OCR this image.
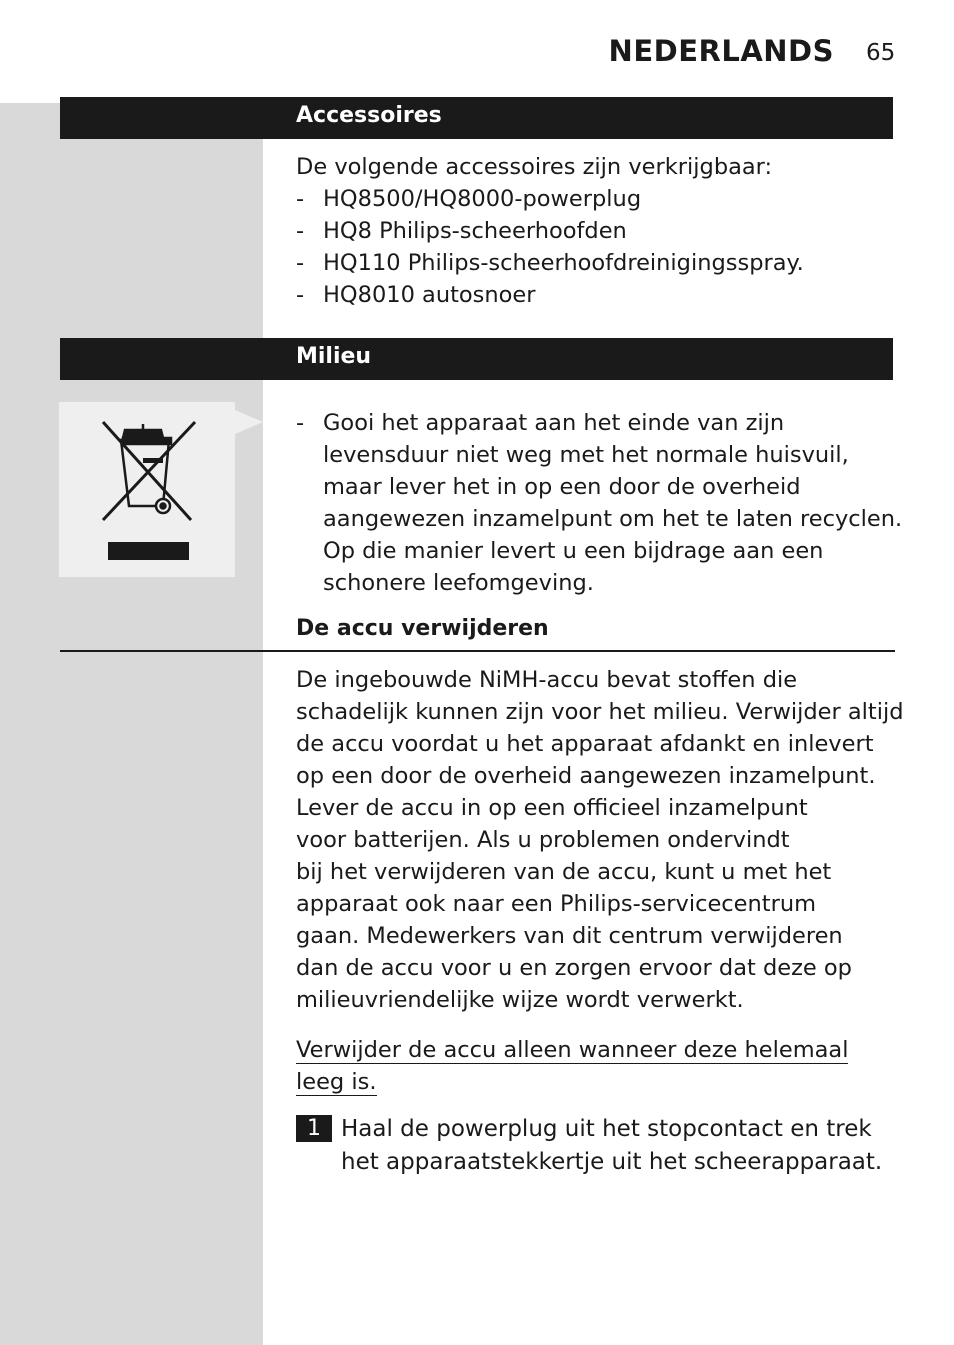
NEDERLANDS 65
Accessoires
De volgende accessoires zijn verkrijgbaar:
- HQ8500/HQ8000-powerplug
- HQ8 Philips-scheerhoofden
- HQ110 Philips-scheerhoofdreinigingsspray.
- HQ8010 autosnoer
Milieu
- Gooi het apparaat aan het einde van zijn
levensduur niet weg met het normale huisvuil,
maar lever het in op een door de overheid
aangewezen inzamelpunt om het te laten recyclen.
Op die manier levert u een bijdrage aan een
schonere leefomgeving.
De accu verwijderen
De ingebouwde NiMH-accu bevat stoffen die
schadelijk kunnen zijn voor het milieu. Verwijder altijd
de accu voordat u het apparaat afdankt en inlevert
op een door de overheid aangewezen inzamelpunt.
Lever de accu in op een officieel inzamelpunt
voor batterijen. Als u problemen ondervindt
bij het verwijderen van de accu, kunt u met het
apparaat ook naar een Philips-servicecentrum
gaan. Medewerkers van dit centrum verwijderen
dan de accu voor u en zorgen ervoor dat deze op
milieuvriendelijke wijze wordt verwerkt.
Verwijder de accu alleen wanneer deze helemaal
leeg is.
1 Haal de powerplug uit het stopcontact en trek
het apparaatstekkertje uit het scheerapparaat.
